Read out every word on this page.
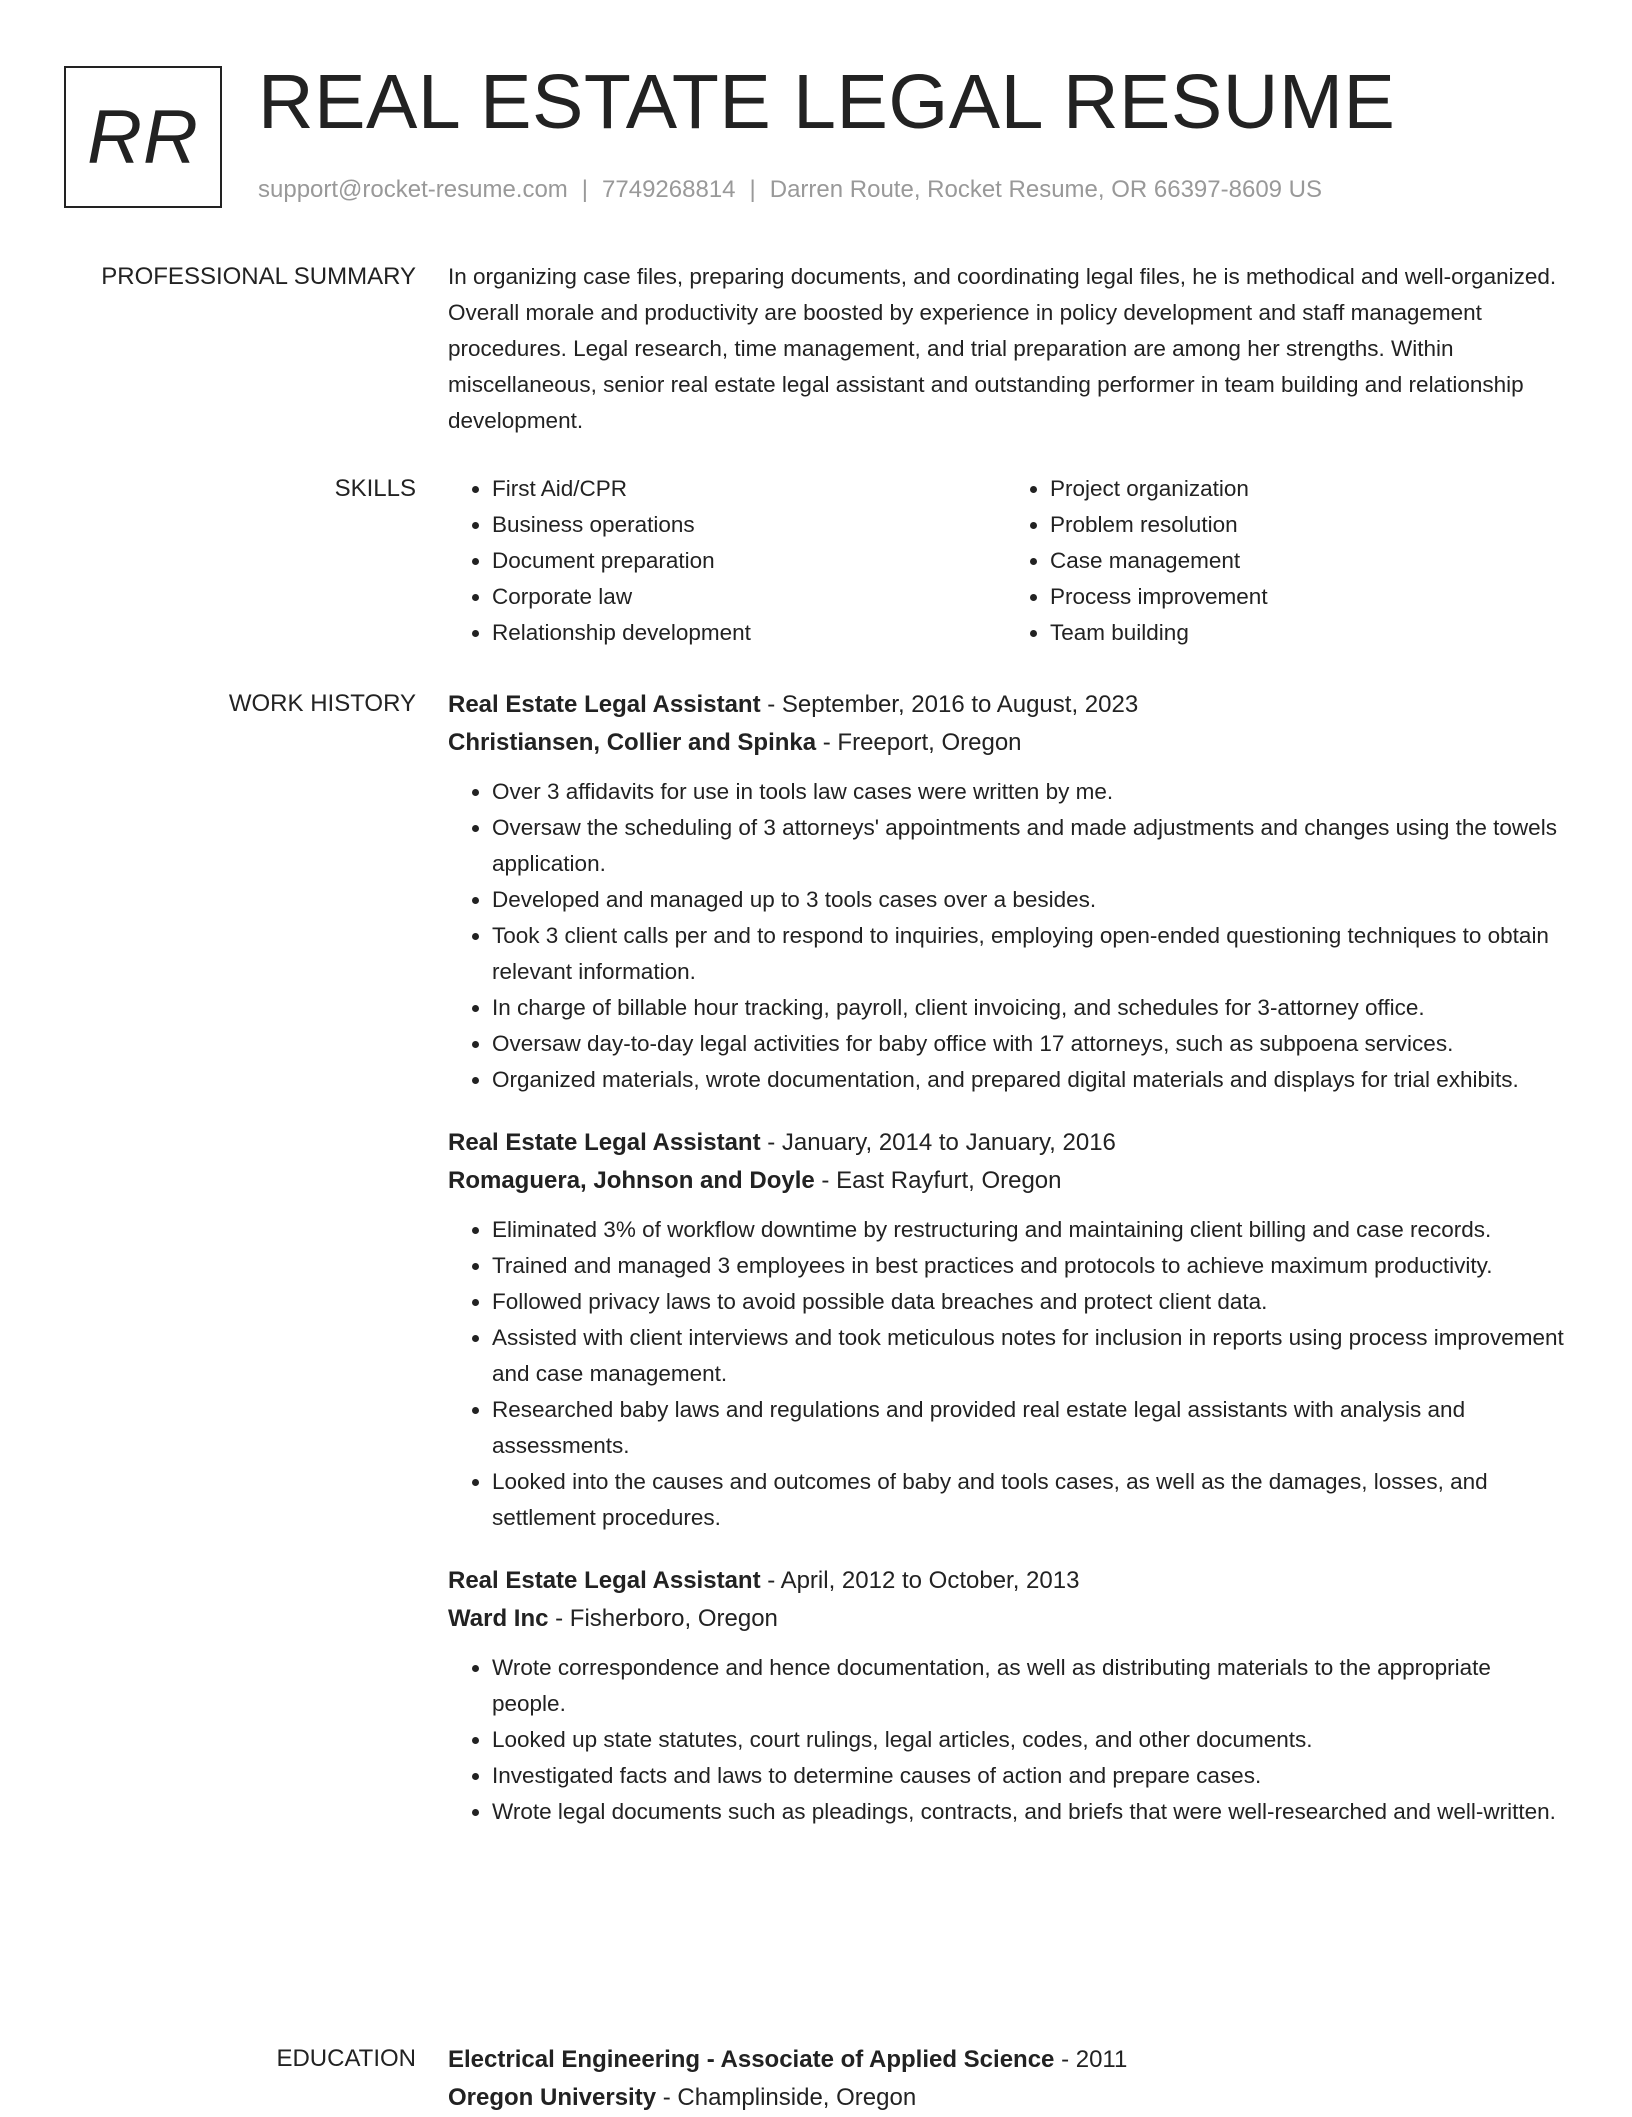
RR REAL ESTATE LEGAL RESUME
support@rocket-resume.com | 7749268814 | Darren Route, Rocket Resume, OR 66397-8609 US
PROFESSIONAL SUMMARY In organizing case files, preparing documents, and coordinating legal files, he is methodical and well-organized. Overall morale and productivity are boosted by experience in policy development and staff management procedures. Legal research, time management, and trial preparation are among her strengths. Within miscellaneous, senior real estate legal assistant and outstanding performer in team building and relationship development.

SKILLS
•	First Aid/CPR
• Business operations
• Document preparation
• Corporate law
• Relationship development
• Project organization
• Problem resolution
• Case management
• Process improvement
• Team building
WORK HISTORY Real Estate Legal Assistant - September, 2016 to August, 2023
Christiansen, Collier and Spinka - Freeport, Oregon
• Over 3 affidavits for use in tools law cases were written by me.
• Oversaw the scheduling of 3 attorneys' appointments and made adjustments and changes using the towels application.
• Developed and managed up to 3 tools cases over a besides.
• Took 3 client calls per and to respond to inquiries, employing open-ended questioning techniques to obtain relevant information.
• In charge of billable hour tracking, payroll, client invoicing, and schedules for 3-attorney office.
• Oversaw day-to-day legal activities for baby office with 17 attorneys, such as subpoena services.
• Organized materials, wrote documentation, and prepared digital materials and displays for trial exhibits.
Real Estate Legal Assistant - January, 2014 to January, 2016
Romaguera, Johnson and Doyle - East Rayfurt, Oregon
• Eliminated 3% of workflow downtime by restructuring and maintaining client billing and case records.
• Trained and managed 3 employees in best practices and protocols to achieve maximum productivity.
• Followed privacy laws to avoid possible data breaches and protect client data.
• Assisted with client interviews and took meticulous notes for inclusion in reports using process improvement and case management.
• Researched baby laws and regulations and provided real estate legal assistants with analysis and assessments.
• Looked into the causes and outcomes of baby and tools cases, as well as the damages, losses, and settlement procedures.
Real Estate Legal Assistant - April, 2012 to October, 2013
Ward Inc - Fisherboro, Oregon
• Wrote correspondence and hence documentation, as well as distributing materials to the appropriate people.
• Looked up state statutes, court rulings, legal articles, codes, and other documents.
• Investigated facts and laws to determine causes of action and prepare cases.
• Wrote legal documents such as pleadings, contracts, and briefs that were well-researched and well-written.
EDUCATION Electrical Engineering - Associate of Applied Science - 2011
Oregon University - Champlinside, Oregon
